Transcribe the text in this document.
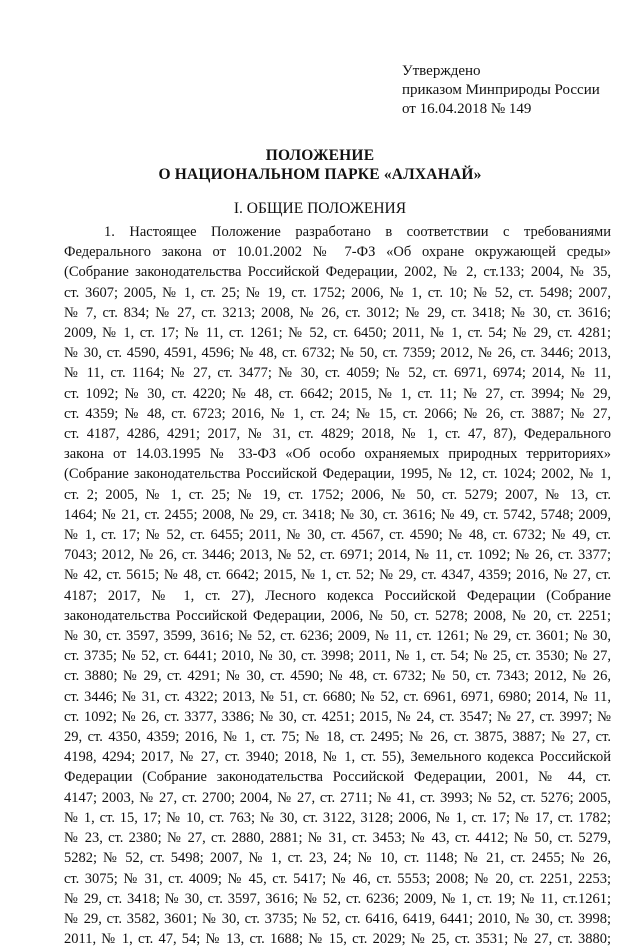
Утверждено
приказом Минприроды России
от 16.04.2018 № 149
ПОЛОЖЕНИЕ
О НАЦИОНАЛЬНОМ ПАРКЕ «АЛХАНАЙ»
I. ОБЩИЕ ПОЛОЖЕНИЯ
1. Настоящее Положение разработано в соответствии с требованиями
Федерального закона от 10.01.2002 № 7-ФЗ «Об охране окружающей среды»
(Собрание законодательства Российской Федерации, 2002, № 2, ст.133; 2004, № 35,
ст. 3607; 2005, № 1, ст. 25; № 19, ст. 1752; 2006, № 1, ст. 10; № 52, ст. 5498; 2007,
№ 7, ст. 834; № 27, ст. 3213; 2008, № 26, ст. 3012; № 29, ст. 3418; № 30, ст. 3616;
2009, № 1, ст. 17; № 11, ст. 1261; № 52, ст. 6450; 2011, № 1, ст. 54; № 29, ст. 4281;
№ 30, ст. 4590, 4591, 4596; № 48, ст. 6732; № 50, ст. 7359; 2012, № 26, ст. 3446; 2013,
№ 11, ст. 1164; № 27, ст. 3477; № 30, ст. 4059; № 52, ст. 6971, 6974; 2014, № 11,
ст. 1092; № 30, ст. 4220; № 48, ст. 6642; 2015, № 1, ст. 11; № 27, ст. 3994; № 29,
ст. 4359; № 48, ст. 6723; 2016, № 1, ст. 24; № 15, ст. 2066; № 26, ст. 3887; № 27,
ст. 4187, 4286, 4291; 2017, № 31, ст. 4829; 2018, № 1, ст. 47, 87), Федерального
закона от 14.03.1995 № 33-ФЗ «Об особо охраняемых природных территориях»
(Собрание законодательства Российской Федерации, 1995, № 12, ст. 1024; 2002, № 1,
ст. 2; 2005, № 1, ст. 25; № 19, ст. 1752; 2006, № 50, ст. 5279; 2007, № 13, ст.
1464; № 21, ст. 2455; 2008, № 29, ст. 3418; № 30, ст. 3616; № 49, ст. 5742, 5748; 2009,
№ 1, ст. 17; № 52, ст. 6455; 2011, № 30, ст. 4567, ст. 4590; № 48, ст. 6732; № 49, ст.
7043; 2012, № 26, ст. 3446; 2013, № 52, ст. 6971; 2014, № 11, ст. 1092; № 26, ст. 3377;
№ 42, ст. 5615; № 48, ст. 6642; 2015, № 1, ст. 52; № 29, ст. 4347, 4359; 2016, № 27, ст.
4187; 2017, № 1, ст. 27), Лесного кодекса Российской Федерации (Собрание
законодательства Российской Федерации, 2006, № 50, ст. 5278; 2008, № 20, ст. 2251;
№ 30, ст. 3597, 3599, 3616; № 52, ст. 6236; 2009, № 11, ст. 1261; № 29, ст. 3601; № 30,
ст. 3735; № 52, ст. 6441; 2010, № 30, ст. 3998; 2011, № 1, ст. 54; № 25, ст. 3530; № 27,
ст. 3880; № 29, ст. 4291; № 30, ст. 4590; № 48, ст. 6732; № 50, ст. 7343; 2012, № 26,
ст. 3446; № 31, ст. 4322; 2013, № 51, ст. 6680; № 52, ст. 6961, 6971, 6980; 2014, № 11,
ст. 1092; № 26, ст. 3377, 3386; № 30, ст. 4251; 2015, № 24, ст. 3547; № 27, ст. 3997; №
29, ст. 4350, 4359; 2016, № 1, ст. 75; № 18, ст. 2495; № 26, ст. 3875, 3887; № 27, ст.
4198, 4294; 2017, № 27, ст. 3940; 2018, № 1, ст. 55), Земельного кодекса Российской
Федерации (Собрание законодательства Российской Федерации, 2001, № 44, ст.
4147; 2003, № 27, ст. 2700; 2004, № 27, ст. 2711; № 41, ст. 3993; № 52, ст. 5276; 2005,
№ 1, ст. 15, 17; № 10, ст. 763; № 30, ст. 3122, 3128; 2006, № 1, ст. 17; № 17, ст. 1782;
№ 23, ст. 2380; № 27, ст. 2880, 2881; № 31, ст. 3453; № 43, ст. 4412; № 50, ст. 5279,
5282; № 52, ст. 5498; 2007, № 1, ст. 23, 24; № 10, ст. 1148; № 21, ст. 2455; № 26,
ст. 3075; № 31, ст. 4009; № 45, ст. 5417; № 46, ст. 5553; 2008; № 20, ст. 2251, 2253;
№ 29, ст. 3418; № 30, ст. 3597, 3616; № 52, ст. 6236; 2009, № 1, ст. 19; № 11, ст.1261;
№ 29, ст. 3582, 3601; № 30, ст. 3735; № 52, ст. 6416, 6419, 6441; 2010, № 30, ст. 3998;
2011, № 1, ст. 47, 54; № 13, ст. 1688; № 15, ст. 2029; № 25, ст. 3531; № 27, ст. 3880;
